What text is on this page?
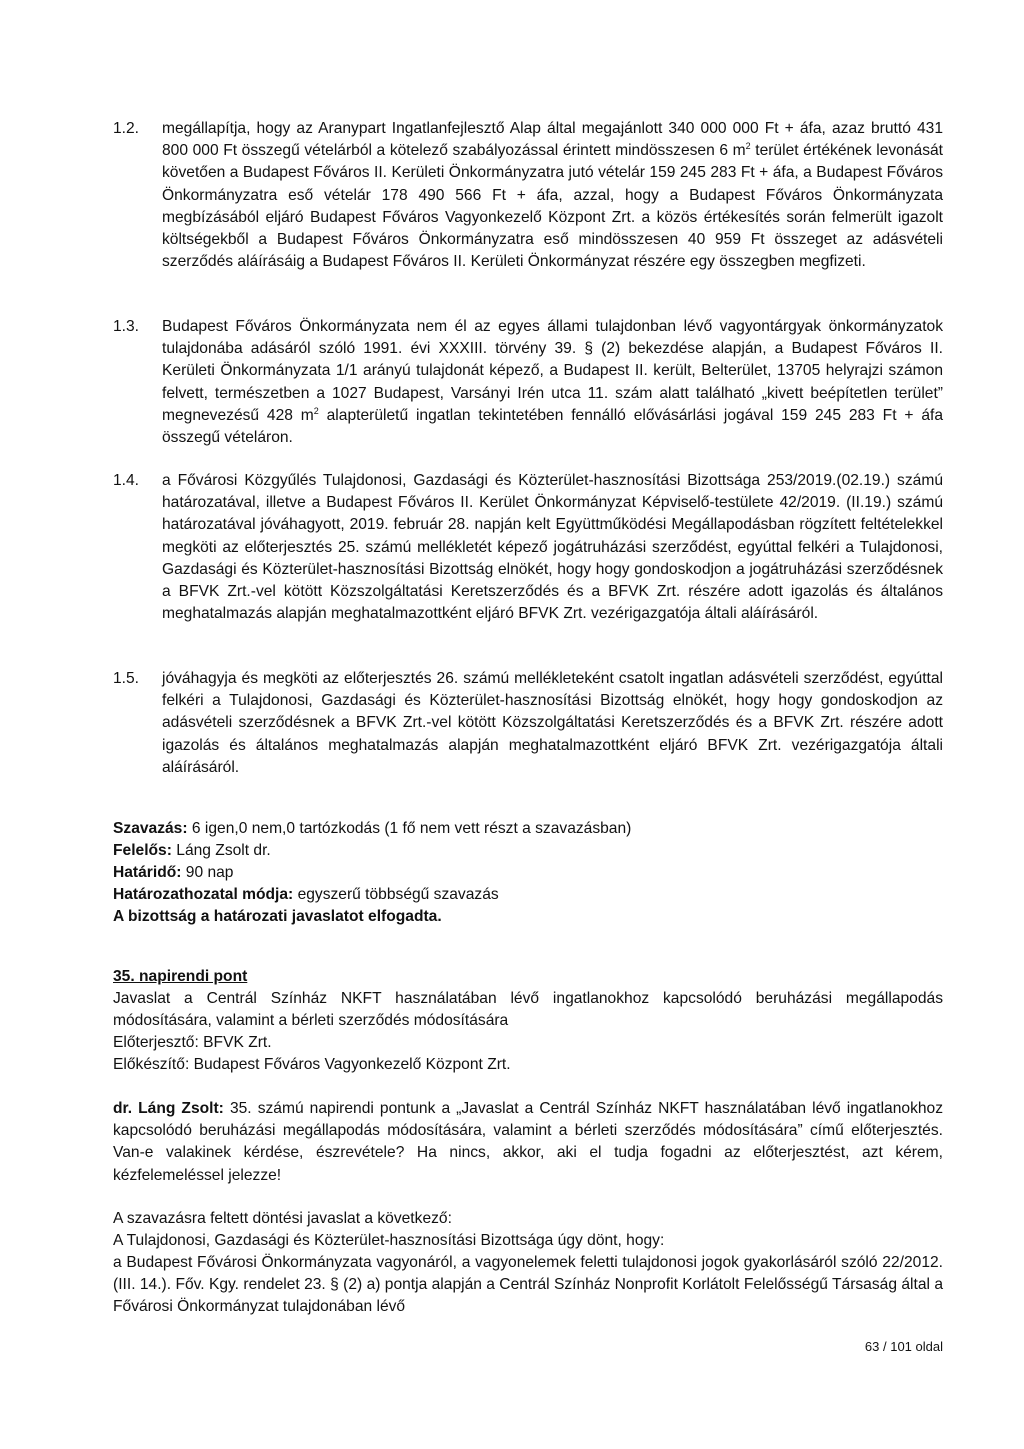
1.2.	megállapítja, hogy az Aranypart Ingatlanfejlesztő Alap által megajánlott 340 000 000 Ft + áfa, azaz bruttó 431 800 000 Ft összegű vételárból a kötelező szabályozással érintett mindösszesen 6 $m^2$ terület értékének levonását követően a Budapest Főváros II. Kerületi Önkormányzatra jutó vételár 159 245 283 Ft + áfa, a Budapest Főváros Önkormányzatra eső vételár 178 490 566 Ft + áfa, azzal, hogy a Budapest Főváros Önkormányzata megbízásából eljáró Budapest Főváros Vagyonkezelő Központ Zrt. a közös értékesítés során felmerült igazolt költségekből a Budapest Főváros Önkormányzatra eső mindösszesen 40 959 Ft összeget az adásvételi szerződés aláírásáig a Budapest Főváros II. Kerületi Önkormányzat részére egy összegben megfizeti.
1.3.	Budapest Főváros Önkormányzata nem él az egyes állami tulajdonban lévő vagyontárgyak önkormányzatok tulajdonába adásáról szóló 1991. évi XXXIII. törvény 39. § (2) bekezdése alapján, a Budapest Főváros II. Kerületi Önkormányzata 1/1 arányú tulajdonát képező, a Budapest II. került, Belterület, 13705 helyrajzi számon felvett, természetben a 1027 Budapest, Varsányi Irén utca 11. szám alatt található „kivett beépítetlen terület” megnevezésű 428 $m^2$ alapterületű ingatlan tekintetében fennálló elővásárlási jogával 159 245 283 Ft + áfa összegű vételáron.
1.4.	a Fővárosi Közgyűlés Tulajdonosi, Gazdasági és Közterület-hasznosítási Bizottsága 253/2019.(02.19.) számú határozatával, illetve a Budapest Főváros II. Kerület Önkormányzat Képviselő-testülete 42/2019. (II.19.) számú határozatával jóváhagyott, 2019. február 28. napján kelt Együttműködési Megállapodásban rögzített feltételekkel megköti az előterjesztés 25. számú mellékletét képező jogátruházási szerződést, egyúttal felkéri a Tulajdonosi, Gazdasági és Közterület-hasznosítási Bizottság elnökét, hogy hogy gondoskodjon a jogátruházási szerződésnek a BFVK Zrt.-vel kötött Közszolgáltatási Keretszerződés és a BFVK Zrt. részére adott igazolás és általános meghatalmazás alapján meghatalmazottként eljáró BFVK Zrt. vezérigazgatója általi aláírásáról.
1.5.	jóváhagyja és megköti az előterjesztés 26. számú mellékleteként csatolt ingatlan adásvételi szerződést, egyúttal felkéri a Tulajdonosi, Gazdasági és Közterület-hasznosítási Bizottság elnökét, hogy hogy gondoskodjon az adásvételi szerződésnek a BFVK Zrt.-vel kötött Közszolgáltatási Keretszerződés és a BFVK Zrt. részére adott igazolás és általános meghatalmazás alapján meghatalmazottként eljáró BFVK Zrt. vezérigazgatója általi aláírásáról.
Szavazás: 6 igen,0 nem,0 tartózkodás (1 fő nem vett részt a szavazásban)
Felelős: Láng Zsolt dr.
Határidő: 90 nap
Határozathozatal módja: egyszerű többségű szavazás
A bizottság a határozati javaslatot elfogadta.
35. napirendi pont
Javaslat a Centrál Színház NKFT használatában lévő ingatlanokhoz kapcsolódó beruházási megállapodás módosítására, valamint a bérleti szerződés módosítására
Előterjesztő: BFVK Zrt.
Előkészítő: Budapest Főváros Vagyonkezelő Központ Zrt.
dr. Láng Zsolt: 35. számú napirendi pontunk a „Javaslat a Centrál Színház NKFT használatában lévő ingatlanokhoz kapcsolódó beruházási megállapodás módosítására, valamint a bérleti szerződés módosítására” című előterjesztés. Van-e valakinek kérdése, észrevétele? Ha nincs, akkor, aki el tudja fogadni az előterjesztést, azt kérem, kézfelemeléssel jelezze!
A szavazásra feltett döntési javaslat a következő:
A Tulajdonosi, Gazdasági és Közterület-hasznosítási Bizottsága úgy dönt, hogy:
a Budapest Fővárosi Önkormányzata vagyonáról, a vagyonelemek feletti tulajdonosi jogok gyakorlásáról szóló 22/2012. (III. 14.). Főv. Kgy. rendelet 23. § (2) a) pontja alapján a Centrál Színház Nonprofit Korlátolt Felelősségű Társaság által a Fővárosi Önkormányzat tulajdonában lévő
63 / 101 oldal
